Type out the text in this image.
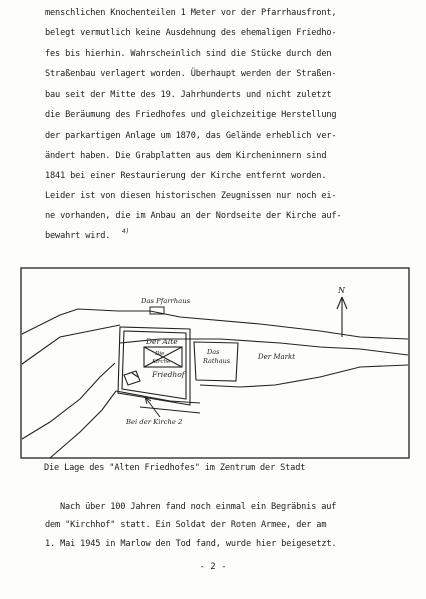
menschlichen Knochenteilen 1 Meter vor der Pfarrhausfront,
belegt vermutlich keine Ausdehnung des ehemaligen Friedho-
fes bis hierhin. Wahrscheinlich sind die Stücke durch den
Straßenbau verlagert worden. Überhaupt werden der Straßen-
bau seit der Mitte des 19. Jahrhunderts und nicht zuletzt
die Beräumung des Friedhofes und gleichzeitige Herstellung
der parkartigen Anlage um 1870, das Gelände erheblich ver-
ändert haben. Die Grabplatten aus dem Kircheninnern sind
1841 bei einer Restaurierung der Kirche entfernt worden.
Leider ist von diesen historischen Zeugnissen nur noch ei-
ne vorhanden, die im Anbau an der Nordseite der Kirche auf-
bewahrt wird. 4)
Das Pfarrhaus
Der Alte
Die
Kirche
Friedhof
Das
Rathaus	Der Markt
Bei der Kirche 2
N
Die Lage des "Alten Friedhofes" im Zentrum der Stadt
Nach über 100 Jahren fand noch einmal ein Begräbnis auf
dem "Kirchhof" statt. Ein Soldat der Roten Armee, der am
1. Mai 1945 in Marlow den Tod fand, wurde hier beigesetzt.
- 2 -
